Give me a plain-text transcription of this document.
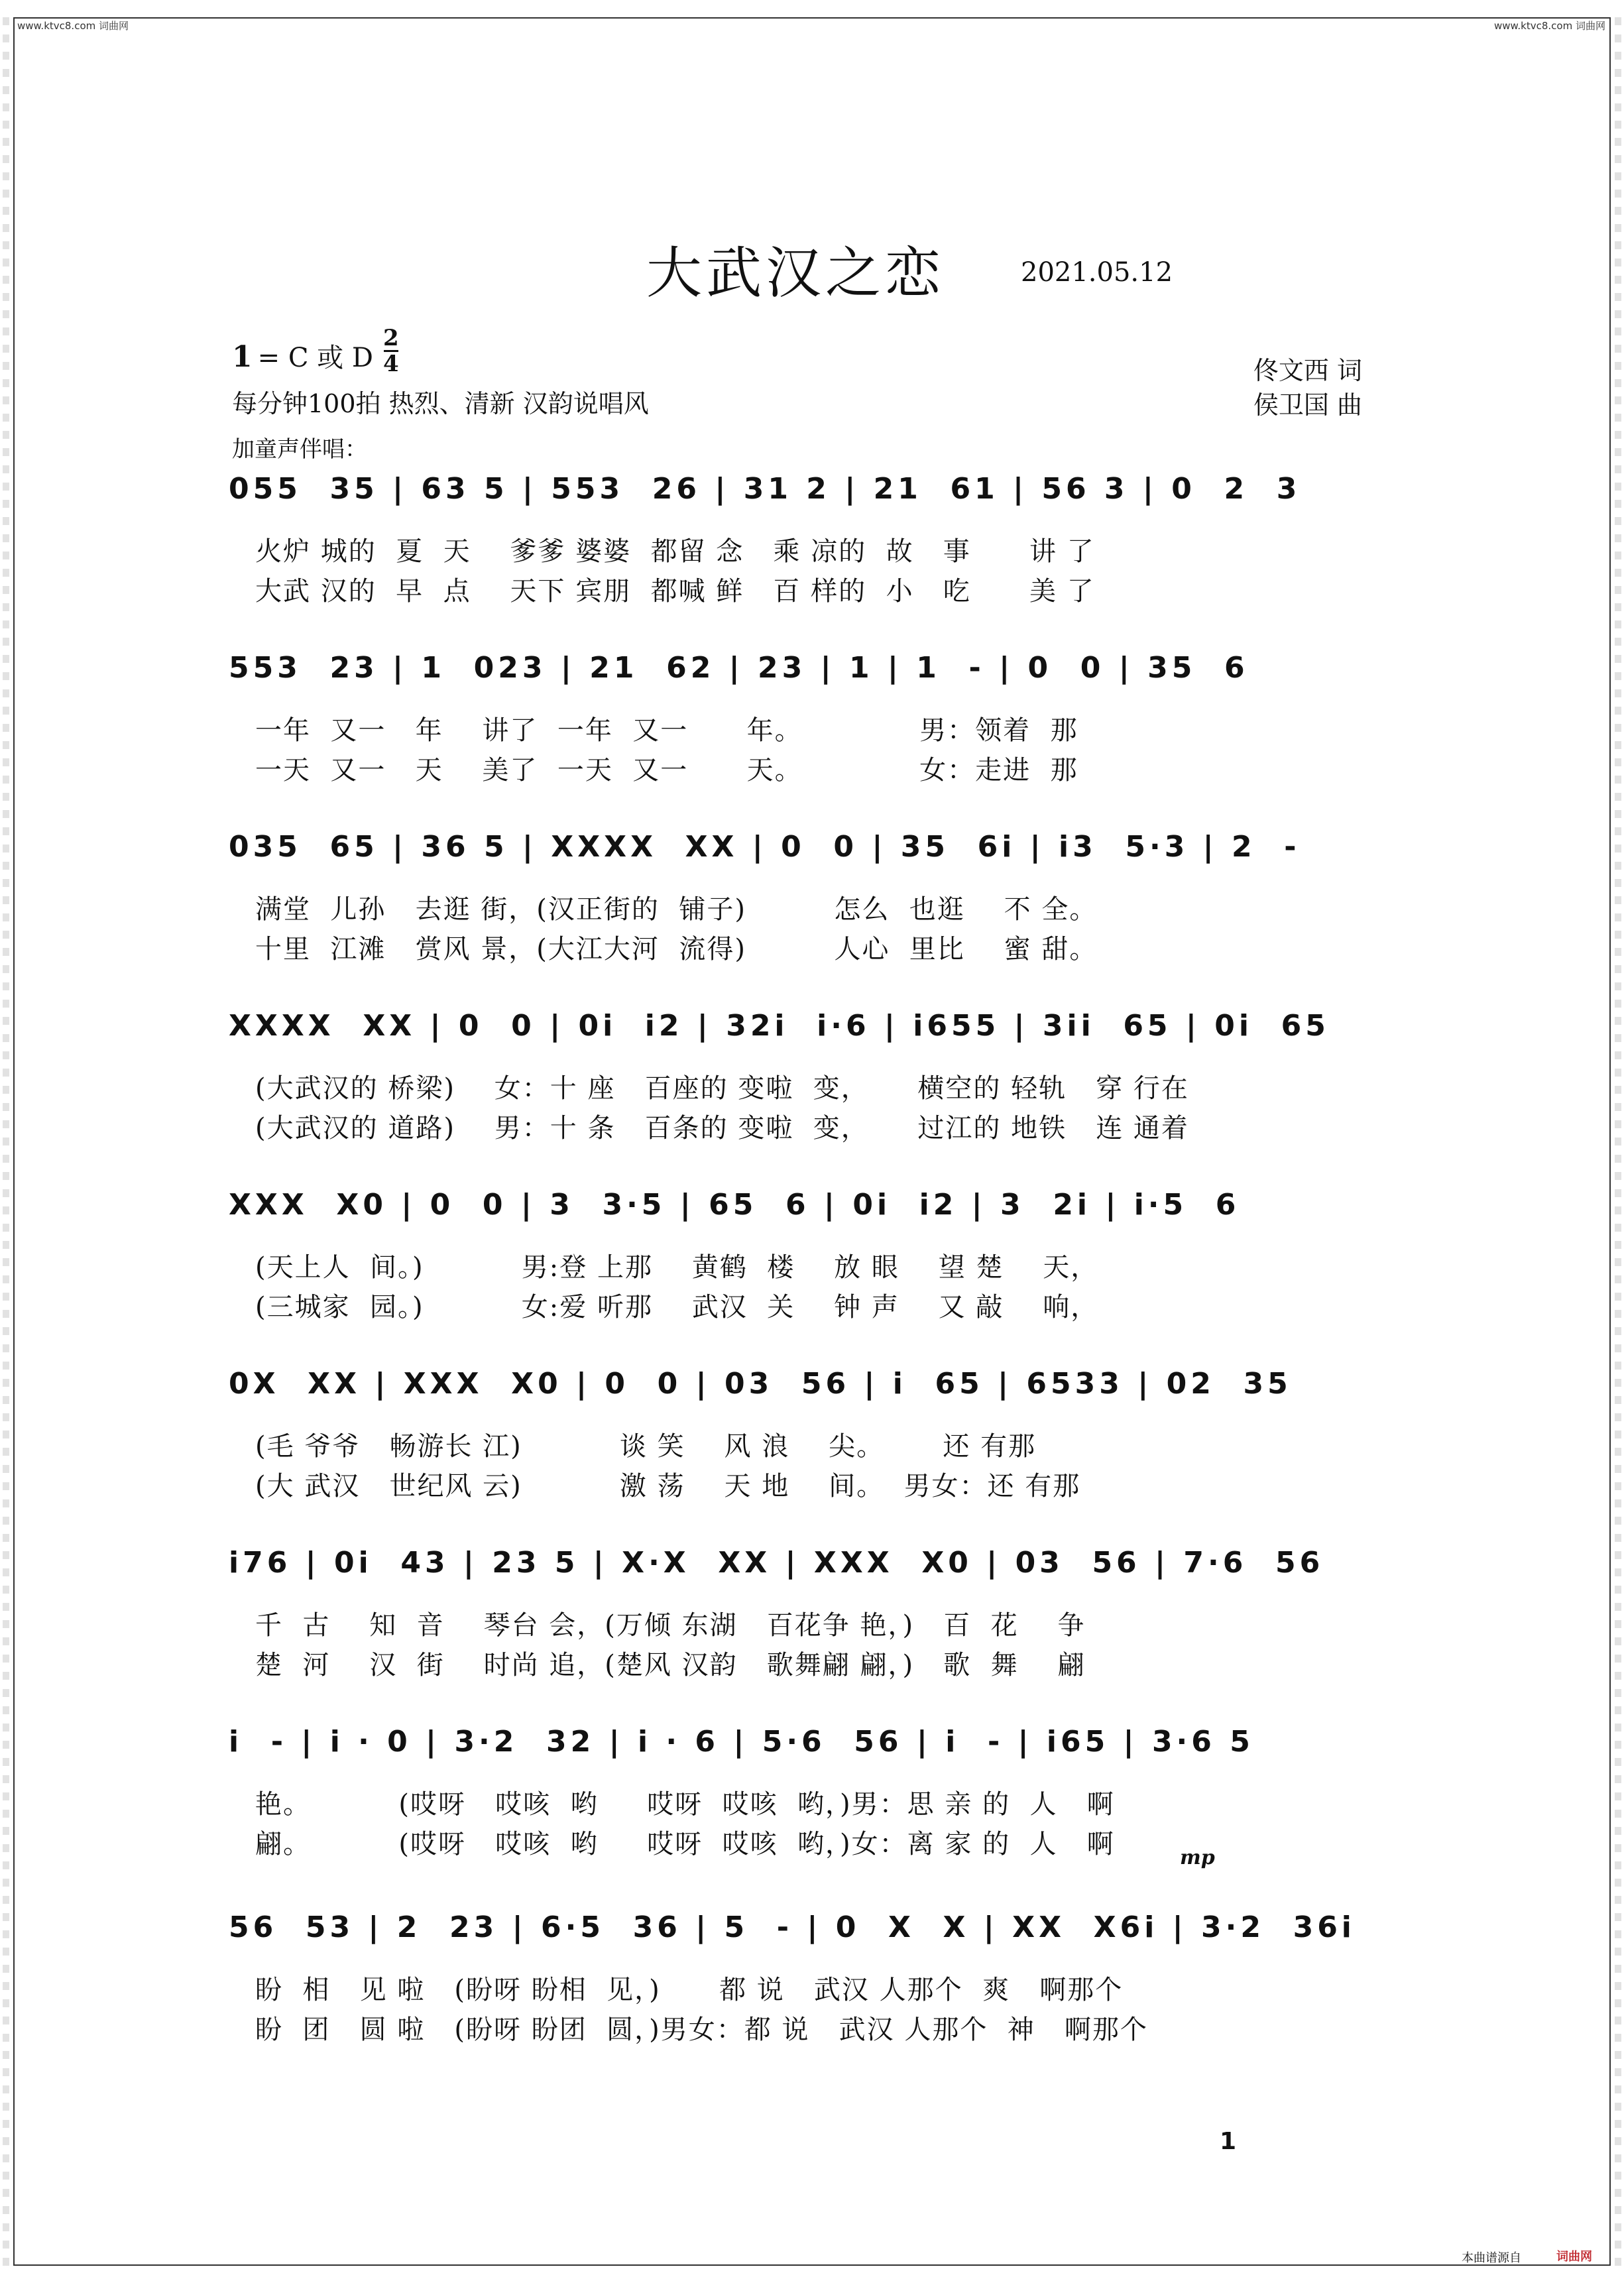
www.ktvc8.com 词曲网	www.ktvc8.com 词曲网
大武汉之恋	2021.05.12
1 = C 或 D
2
4
每分钟100拍 热烈、清新 汉韵说唱风
佟文西 词
侯卫国 曲
加童声伴唱：
055  35 | 63 5 | 553  26 | 31 2 | 21  61 | 56 3 | 0  2  3
火炉 城的  夏  天    爹爹 婆婆  都留 念   乘 凉的  故   事      讲 了
大武 汉的  早  点    天下 宾朋  都喊 鲜   百 样的  小   吃      美 了
553  23 | 1  023 | 21  62 | 23 | 1 | 1  - | 0  0 | 35  6
一年  又一   年    讲了  一年  又一      年。            男：领着  那
一天  又一   天    美了  一天  又一      天。            女：走进  那
035  65 | 36 5 | XXXX  XX | 0  0 | 35  6i | i3  5·3 | 2  -
满堂  儿孙   去逛 街，(汉正街的  铺子)         怎么  也逛    不 全。
十里  江滩   赏风 景，(大江大河  流得)         人心  里比    蜜 甜。
XXXX  XX | 0  0 | 0i  i2 | 32i  i·6 | i655 | 3ii  65 | 0i  65
(大武汉的 桥梁)    女：十 座   百座的 变啦  变，     横空的 轻轨   穿 行在
(大武汉的 道路)    男：十 条   百条的 变啦  变，     过江的 地铁   连 通着
XXX  X0 | 0  0 | 3  3·5 | 65  6 | 0i  i2 | 3  2i | i·5  6
(天上人  间。)          男:登 上那    黄鹤  楼    放 眼    望 楚    天，
(三城家  园。)          女:爱 听那    武汉  关    钟 声    又 敲    响，
0X  XX | XXX  X0 | 0  0 | 03  56 | i  65 | 6533 | 02  35
(毛 爷爷   畅游长 江)          谈 笑    风 浪    尖。      还 有那
(大 武汉   世纪风 云)          激 荡    天 地    间。  男女：还 有那
i76 | 0i  43 | 23 5 | X·X  XX | XXX  X0 | 03  56 | 7·6  56
千  古    知  音    琴台 会，(万倾 东湖   百花争 艳，)   百  花    争
楚  河    汉  街    时尚 追，(楚风 汉韵   歌舞翩 翩，)   歌  舞    翩
i  - | i · 0 | 3·2  32 | i · 6 | 5·6  56 | i  - | i65 | 3·6 5
艳。         (哎呀   哎咳  哟     哎呀  哎咳  哟，)男：思 亲 的  人   啊
翩。         (哎呀   哎咳  哟     哎呀  哎咳  哟，)女：离 家 的  人   啊
56  53 | 2  23 | 6·5  36 | 5  - | 0  X  X | XX  X6i | 3·2  36i
盼  相   见 啦   (盼呀 盼相  见，)      都 说   武汉 人那个  爽   啊那个
盼  团   圆 啦   (盼呀 盼团  圆，)男女：都 说   武汉 人那个  神   啊那个
mp
1
本曲谱源自	词曲网
